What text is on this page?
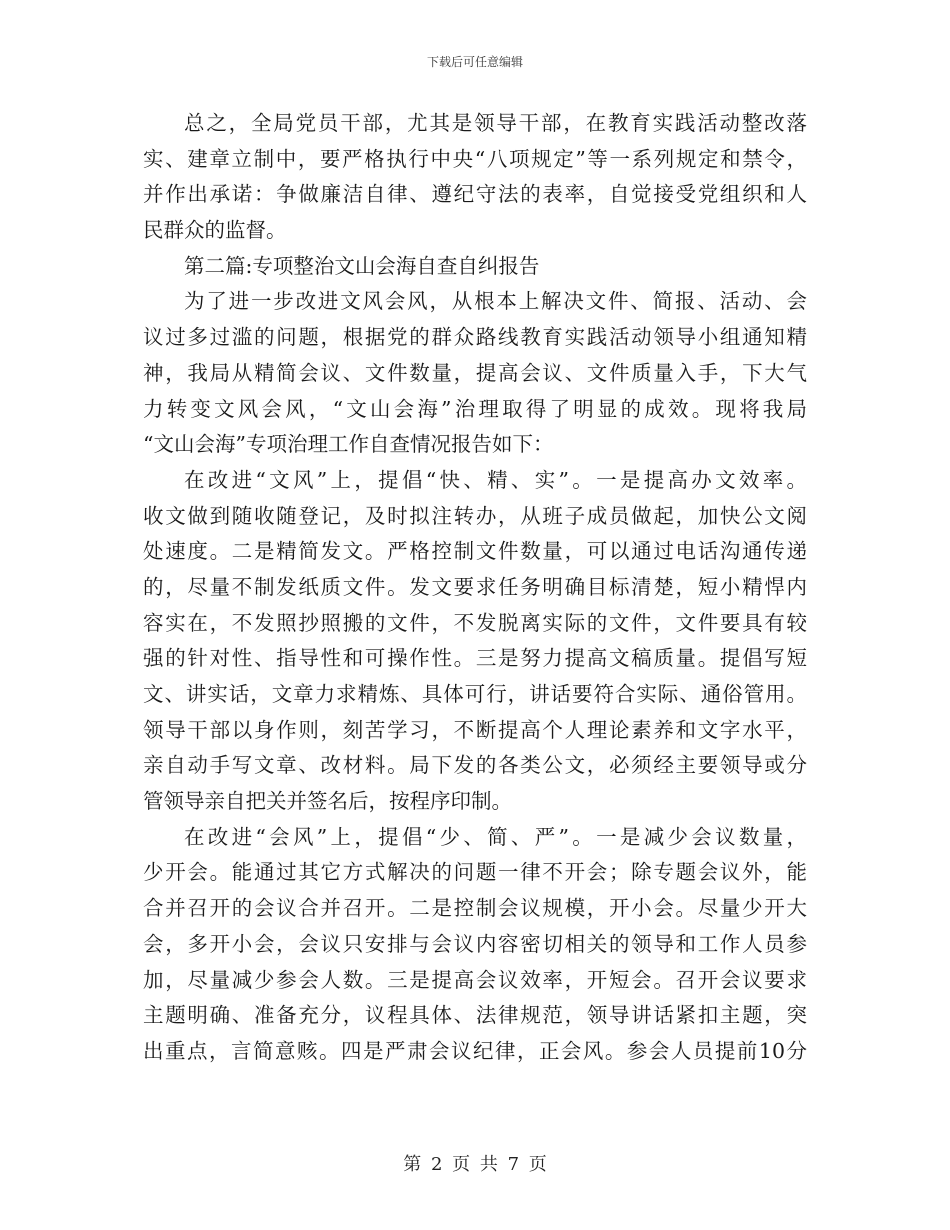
下载后可任意编辑
总之，全局党员干部，尤其是领导干部，在教育实践活动整改落
实、建章立制中，要严格执行中央“八项规定”等一系列规定和禁令，
并作出承诺：争做廉洁自律、遵纪守法的表率，自觉接受党组织和人
民群众的监督。
第二篇:专项整治文山会海自查自纠报告
为了进一步改进文风会风，从根本上解决文件、简报、活动、会
议过多过滥的问题，根据党的群众路线教育实践活动领导小组通知精
神，我局从精简会议、文件数量，提高会议、文件质量入手，下大气
力转变文风会风，“文山会海”治理取得了明显的成效。现将我局
“文山会海”专项治理工作自查情况报告如下：
在改进“文风”上，提倡“快、精、实”。一是提高办文效率。
收文做到随收随登记，及时拟注转办，从班子成员做起，加快公文阅
处速度。二是精简发文。严格控制文件数量，可以通过电话沟通传递
的，尽量不制发纸质文件。发文要求任务明确目标清楚，短小精悍内
容实在，不发照抄照搬的文件，不发脱离实际的文件，文件要具有较
强的针对性、指导性和可操作性。三是努力提高文稿质量。提倡写短
文、讲实话，文章力求精炼、具体可行，讲话要符合实际、通俗管用。
领导干部以身作则，刻苦学习，不断提高个人理论素养和文字水平，
亲自动手写文章、改材料。局下发的各类公文，必须经主要领导或分
管领导亲自把关并签名后，按程序印制。
在改进“会风”上，提倡“少、简、严”。一是减少会议数量，
少开会。能通过其它方式解决的问题一律不开会；除专题会议外，能
合并召开的会议合并召开。二是控制会议规模，开小会。尽量少开大
会，多开小会，会议只安排与会议内容密切相关的领导和工作人员参
加，尽量减少参会人数。三是提高会议效率，开短会。召开会议要求
主题明确、准备充分，议程具体、法律规范，领导讲话紧扣主题，突
出重点，言简意赅。四是严肃会议纪律，正会风。参会人员提前10分
第 2 页 共 7 页
